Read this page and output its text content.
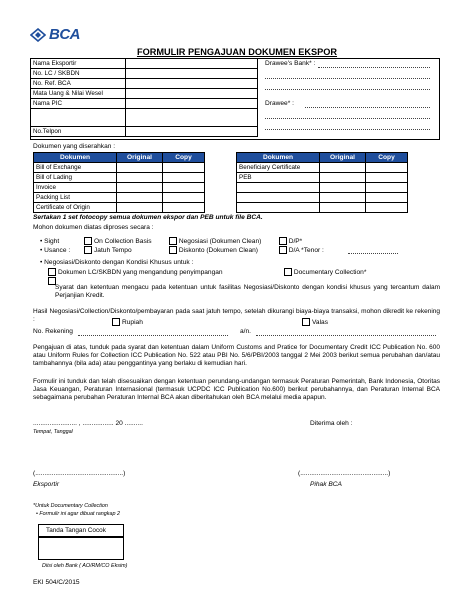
BCA
FORMULIR PENGAJUAN DOKUMEN EKSPOR
Nama Eksportir	
No. LC / SKBDN	
No. Ref. BCA	
Mata Uang & Nilai Wesel	
Nama PIC	

No.Telpon	
Drawee's Bank* :
Drawee* :
Dokumen yang diserahkan :
Dokumen	Original	Copy
Bill of Exchange		
Bill of Lading		
Invoice		
Packing List		
Certificate of Origin		
Dokumen	Original	Copy
Beneficiary Certificate		
PEB		

Sertakan 1 set fotocopy semua dokumen ekspor dan PEB untuk file BCA.
Mohon dokumen diatas diproses secara :
• Sight	On Collection Basis	Negosiasi (Dokumen Clean)	D/P*
• Usance :	Jatuh Tempo	Diskonto (Dokumen Clean)	D/A *Tenor :
• Negosiasi/Diskonto dengan Kondisi Khusus untuk :
Dokumen LC/SKBDN yang mengandung penyimpangan	Documentary Collection*
Syarat dan ketentuan mengacu pada ketentuan untuk fasilitas Negosiasi/Diskonto dengan kondisi khusus yang tercantum dalam Perjanjian Kredit.
Hasil Negosiasi/Collection/Diskonto/pembayaran pada saat jatuh tempo, setelah dikurangi biaya-biaya transaksi, mohon dikredit ke rekening :	Rupiah	Valas
No. Rekening	a/n.
Pengajuan di atas, tunduk pada syarat dan ketentuan dalam Uniform Customs and Pratice for Documentary Credit ICC Publication No. 600 atau Uniform Rules for Collection ICC Publication No. 522 atau PBI No. 5/6/PBI/2003 tanggal 2 Mei 2003 berikut semua perubahan dan/atau tambahannya (bila ada) atau penggantinya yang berlaku di kemudian hari.
Formulir ini tunduk dan telah disesuaikan dengan ketentuan perundang-undangan termasuk Peraturan Pemerintah, Bank Indonesia, Otoritas Jasa Keuangan, Peraturan Internasional (termasuk UCPDC ICC Publication No.600) berikut perubahannya, dan Peraturan Internal BCA sebagaimana perubahan Peraturan Internal BCA akan diberitahukan oleh BCA melalui media apapun.
........................ , ................. 20 ..........
Tempat, Tanggal
Diterima oleh :
(................................................)	(................................................)
Eksportir	Pihak BCA
*Untuk Documentary Collection
• Formulir ini agar dibuat rangkap 2
Tanda Tangan Cocok
Diisi oleh Bank ( AO/RM/CO Eksim)
EKI 504/C/2015
